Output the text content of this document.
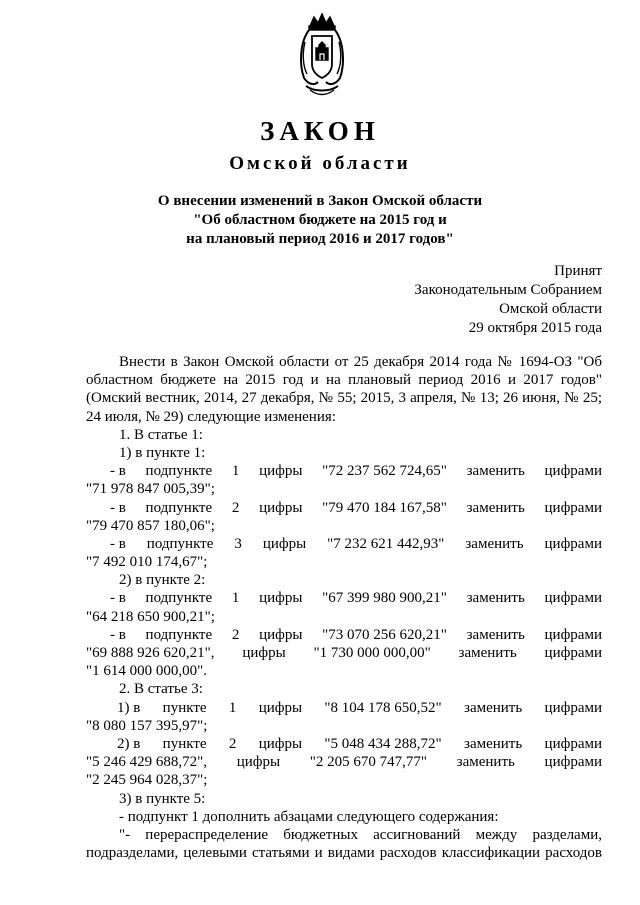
ЗАКОН
Омской области
О внесении изменений в Закон Омской области
"Об областном бюджете на 2015 год и
на плановый период 2016 и 2017 годов"
Принят
Законодательным Собранием
Омской области
29 октября 2015 года
Внести в Закон Омской области от 25 декабря 2014 года № 1694-ОЗ "Об
областном бюджете на 2015 год и на плановый период 2016 и 2017 годов"
(Омский вестник, 2014, 27 декабря, № 55; 2015, 3 апреля, № 13; 26 июня, № 25;
24 июля, № 29) следующие изменения:
1. В статье 1:
1) в пункте 1:
- в подпункте 1 цифры "72 237 562 724,65" заменить цифрами
"71 978 847 005,39";
- в подпункте 2 цифры "79 470 184 167,58" заменить цифрами
"79 470 857 180,06";
- в подпункте 3 цифры "7 232 621 442,93" заменить цифрами
"7 492 010 174,67";
2) в пункте 2:
- в подпункте 1 цифры "67 399 980 900,21" заменить цифрами
"64 218 650 900,21";
- в подпункте 2 цифры "73 070 256 620,21" заменить цифрами
"69 888 926 620,21", цифры "1 730 000 000,00" заменить цифрами
"1 614 000 000,00".
2. В статье 3:
1) в пункте 1 цифры "8 104 178 650,52" заменить цифрами
"8 080 157 395,97";
2) в пункте 2 цифры "5 048 434 288,72" заменить цифрами
"5 246 429 688,72", цифры "2 205 670 747,77" заменить цифрами
"2 245 964 028,37";
3) в пункте 5:
- подпункт 1 дополнить абзацами следующего содержания:
"- перераспределение бюджетных ассигнований между разделами,
подразделами, целевыми статьями и видами расходов классификации расходов
